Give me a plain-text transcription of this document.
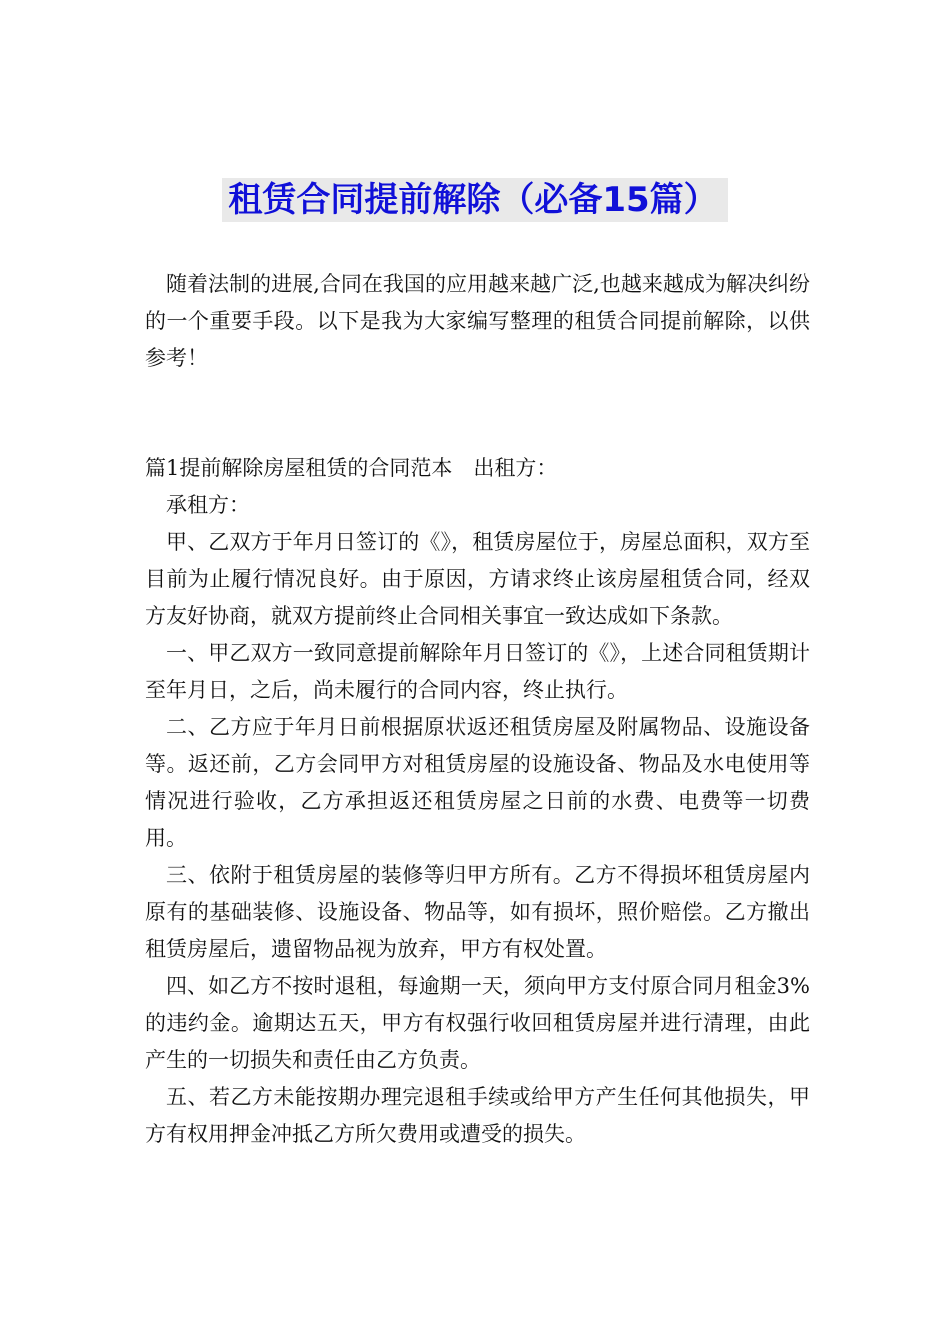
租赁合同提前解除（必备15篇）

随着法制的进展,合同在我国的应用越来越广泛,也越来越成为解决纠纷的一个重要手段。以下是我为大家编写整理的租赁合同提前解除，以供参考！

篇1提前解除房屋租赁的合同范本　出租方：

承租方：

甲、乙双方于年月日签订的《》，租赁房屋位于，房屋总面积，双方至目前为止履行情况良好。由于原因，方请求终止该房屋租赁合同，经双方友好协商，就双方提前终止合同相关事宜一致达成如下条款。

一、甲乙双方一致同意提前解除年月日签订的《》，上述合同租赁期计至年月日，之后，尚未履行的合同内容，终止执行。

二、乙方应于年月日前根据原状返还租赁房屋及附属物品、设施设备等。返还前，乙方会同甲方对租赁房屋的设施设备、物品及水电使用等情况进行验收，乙方承担返还租赁房屋之日前的水费、电费等一切费用。

三、依附于租赁房屋的装修等归甲方所有。乙方不得损坏租赁房屋内原有的基础装修、设施设备、物品等，如有损坏，照价赔偿。乙方撤出租赁房屋后，遗留物品视为放弃，甲方有权处置。

四、如乙方不按时退租，每逾期一天，须向甲方支付原合同月租金3%的违约金。逾期达五天，甲方有权强行收回租赁房屋并进行清理，由此产生的一切损失和责任由乙方负责。

五、若乙方未能按期办理完退租手续或给甲方产生任何其他损失，甲方有权用押金冲抵乙方所欠费用或遭受的损失。
